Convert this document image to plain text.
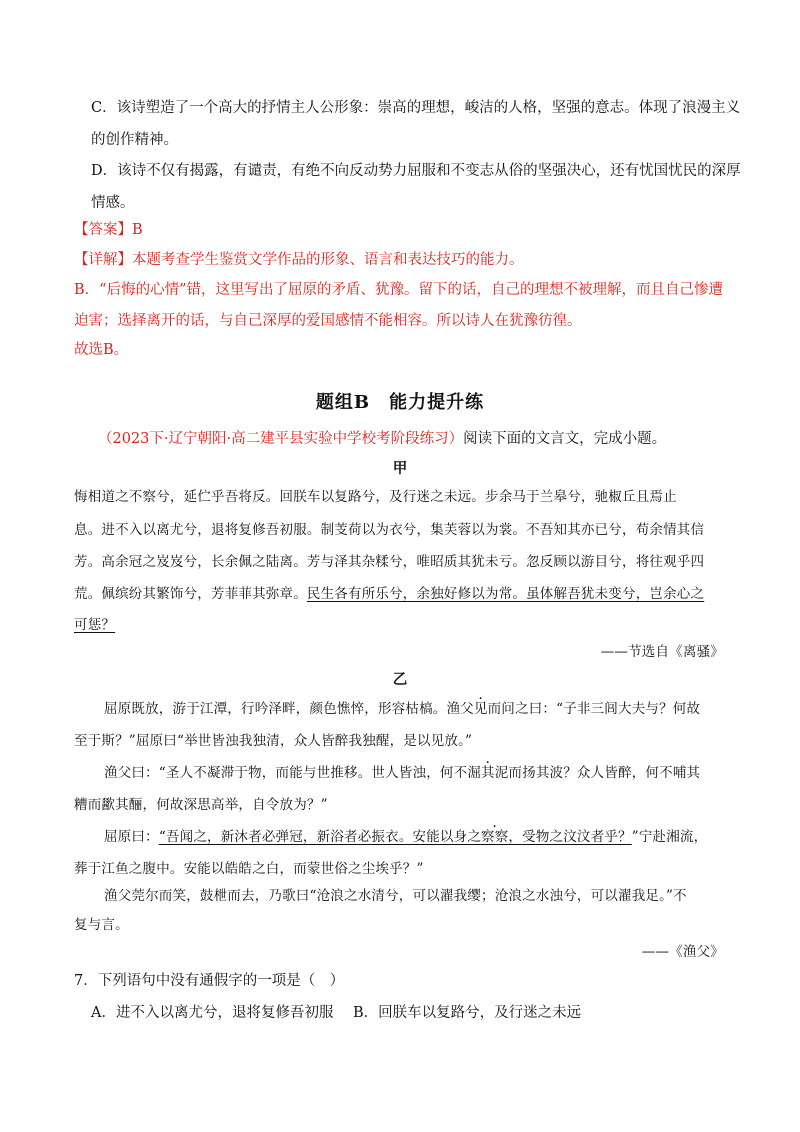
C．该诗塑造了一个高大的抒情主人公形象：崇高的理想，峻洁的人格，坚强的意志。体现了浪漫主义
的创作精神。
D．该诗不仅有揭露，有谴责，有绝不向反动势力屈服和不变志从俗的坚强决心，还有忧国忧民的深厚
情感。
【答案】B
【详解】本题考查学生鉴赏文学作品的形象、语言和表达技巧的能力。
B．“后悔的心情”错，这里写出了屈原的矛盾、犹豫。留下的话，自己的理想不被理解，而且自己惨遭
迫害；选择离开的话，与自己深厚的爱国感情不能相容。所以诗人在犹豫彷徨。
故选B。
题组B　能力提升练
（2023下·辽宁朝阳·高二建平县实验中学校考阶段练习）阅读下面的文言文，完成小题。
甲
悔相道之不察兮，延伫乎吾将反。回朕车以复路兮，及行迷之未远。步余马于兰皋兮，驰椒丘且焉止
息。进不入以离尤兮，退将复修吾初服。制芰荷以为衣兮，集芙蓉以为裳。不吾知其亦已兮，苟余情其信
芳。高余冠之岌岌兮，长余佩之陆离。芳与泽其杂糅兮，唯昭质其犹未亏。忽反顾以游目兮，将往观乎四
荒。佩缤纷其繁饰兮，芳菲菲其弥章。民生各有所乐兮，余独好修以为常。虽体解吾犹未变兮，岂余心之
可惩？
——节选自《离骚》
乙
屈原既放，游于江潭，行吟泽畔，颜色憔悴，形容枯槁。渔父见而问之曰：“子非三闾大夫与？何故
至于斯？”屈原曰“举世皆浊我独清，众人皆醉我独醒，是以见放。”
渔父曰：“圣人不凝滞于物，而能与世推移。世人皆浊，何不淈其泥而扬其波？众人皆醉，何不哺其
糟而歠其酾，何故深思高举，自令放为？”
屈原曰：“吾闻之，新沐者必弹冠，新浴者必振衣。安能以身之察察，受物之汶汶者乎？”宁赴湘流，
葬于江鱼之腹中。安能以皓皓之白，而蒙世俗之尘埃乎？”
渔父莞尔而笑，鼓枻而去，乃歌曰“沧浪之水清兮，可以濯我缨；沧浪之水浊兮，可以濯我足。”不
复与言。
——《渔父》
7．下列语句中没有通假字的一项是（　）
A．进不入以离尤兮，退将复修吾初服 B．回朕车以复路兮，及行迷之未远
